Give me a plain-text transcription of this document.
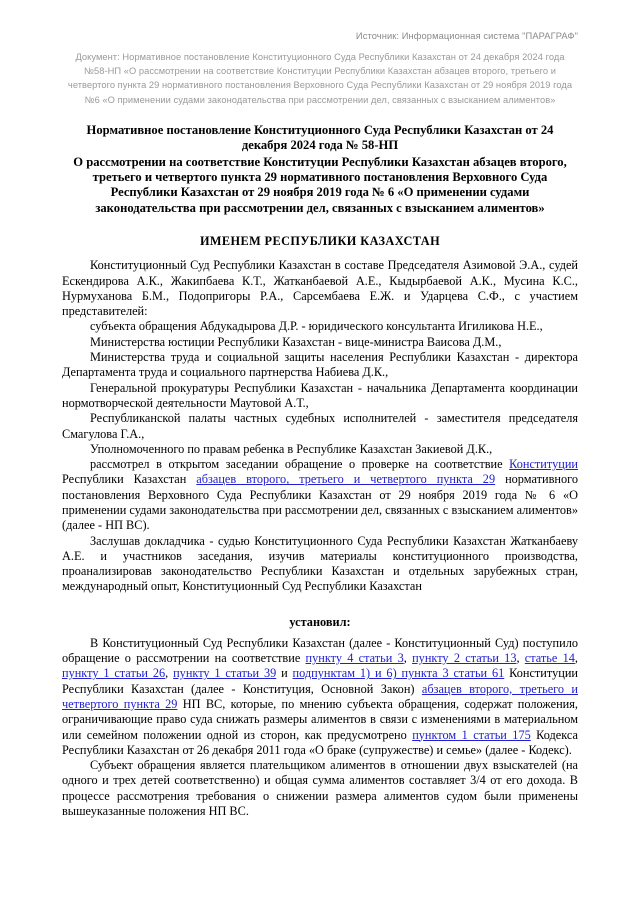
Источник: Информационная система "ПАРАГРАФ"
Документ: Нормативное постановление Конституционного Суда Республики Казахстан от 24 декабря 2024 года №58-НП «О рассмотрении на соответствие Конституции Республики Казахстан абзацев второго, третьего и четвертого пункта 29 нормативного постановления Верховного Суда Республики Казахстан от 29 ноября 2019 года №6 «О применении судами законодательства при рассмотрении дел, связанных с взысканием алиментов»
Нормативное постановление Конституционного Суда Республики Казахстан от 24 декабря 2024 года № 58-НП
О рассмотрении на соответствие Конституции Республики Казахстан абзацев второго, третьего и четвертого пункта 29 нормативного постановления Верховного Суда Республики Казахстан от 29 ноября 2019 года № 6 «О применении судами законодательства при рассмотрении дел, связанных с взысканием алиментов»
ИМЕНЕМ РЕСПУБЛИКИ КАЗАХСТАН

Конституционный Суд Республики Казахстан в составе Председателя Азимовой Э.А., судей Ескендирова А.К., Жакипбаева К.Т., Жатканбаевой А.Е., Кыдырбаевой А.К., Мусина К.С., Нурмуханова Б.М., Подопригоры Р.А., Сарсембаева Е.Ж. и Ударцева С.Ф., с участием представителей:

субъекта обращения Абдукадырова Д.Р. - юридического консультанта Игиликова Н.Е.,

Министерства юстиции Республики Казахстан - вице-министра Вaисова Д.М.,

Министерства труда и социальной защиты населения Республики Казахстан - директора Департамента труда и социального партнерства Набиева Д.К.,

Генеральной прокуратуры Республики Казахстан - начальника Департамента координации нормотворческой деятельности Маутовой А.Т.,

Республиканской палаты частных судебных исполнителей - заместителя председателя Смагулова Г.А.,

Уполномоченного по правам ребенка в Республике Казахстан Закиевой Д.К.,

рассмотрел в открытом заседании обращение о проверке на соответствие Конституции Республики Казахстан абзацев второго, третьего и четвертого пункта 29 нормативного постановления Верховного Суда Республики Казахстан от 29 ноября 2019 года № 6 «О применении судами законодательства при рассмотрении дел, связанных с взысканием алиментов» (далее - НП ВС).

Заслушав докладчика - судью Конституционного Суда Республики Казахстан Жатканбаеву А.Е. и участников заседания, изучив материалы конституционного производства, проанализировав законодательство Республики Казахстан и отдельных зарубежных стран, международный опыт, Конституционный Суд Республики Казахстан

установил:

В Конституционный Суд Республики Казахстан (далее - Конституционный Суд) поступило обращение о рассмотрении на соответствие пункту 4 статьи 3, пункту 2 статьи 13, статье 14, пункту 1 статьи 26, пункту 1 статьи 39 и подпунктам 1) и 6) пункта 3 статьи 61 Конституции Республики Казахстан (далее - Конституция, Основной Закон) абзацев второго, третьего и четвертого пункта 29 НП ВС, которые, по мнению субъекта обращения, содержат положения, ограничивающие право суда снижать размеры алиментов в связи с изменениями в материальном или семейном положении одной из сторон, как предусмотрено пунктом 1 статьи 175 Кодекса Республики Казахстан от 26 декабря 2011 года «О браке (супружестве) и семье» (далее - Кодекс).

Субъект обращения является плательщиком алиментов в отношении двух взыскателей (на одного и трех детей соответственно) и общая сумма алиментов составляет 3/4 от его дохода. В процессе рассмотрения требования о снижении размера алиментов судом были применены вышеуказанные положения НП ВС.
